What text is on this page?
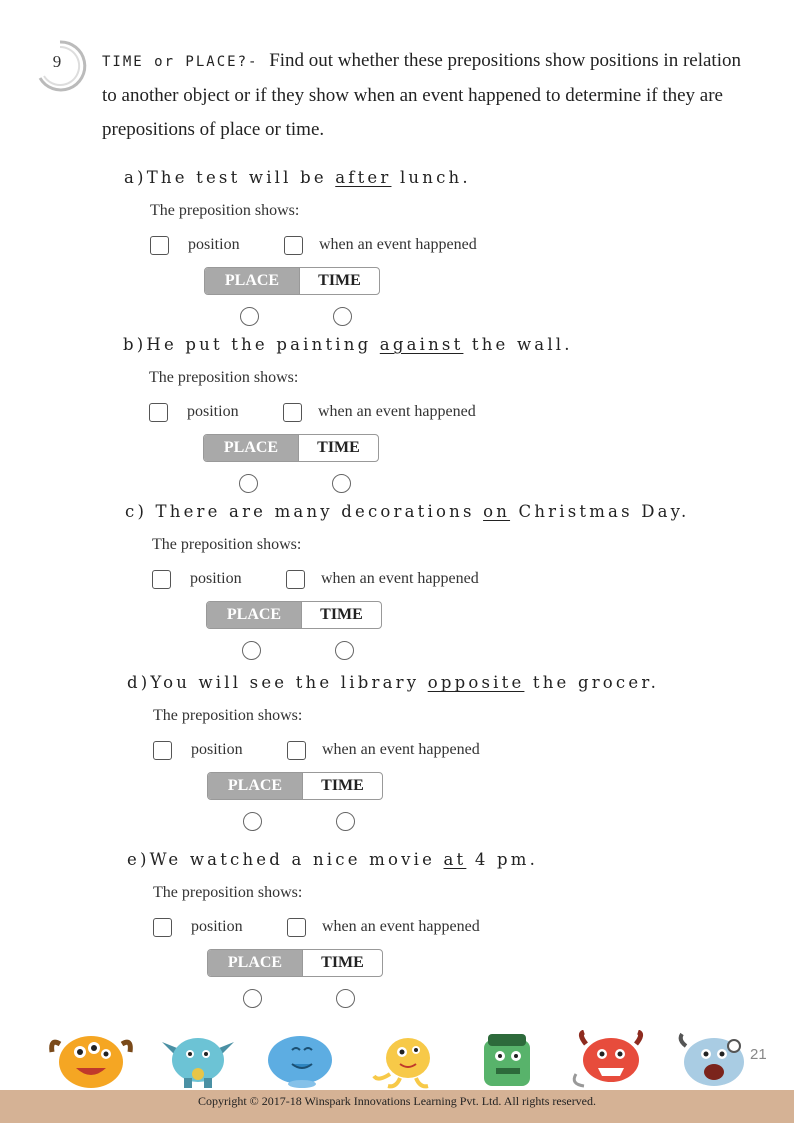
9	TIME or PLACE?- Find out whether these prepositions show positions in relation to another object or if they show when an event happened to determine if they are prepositions of place or time.
a)The test will be after lunch.
The preposition shows:
position	when an event happened
PLACE	TIME
b)He put the painting against the wall.
The preposition shows:
position	when an event happened
PLACE	TIME
c) There are many decorations on Christmas Day.
The preposition shows:
position	when an event happened
PLACE	TIME
d)You will see the library opposite the grocer.
The preposition shows:
position	when an event happened
PLACE	TIME
e)We watched a nice movie at 4 pm.
The preposition shows:
position	when an event happened
PLACE	TIME
21
Copyright © 2017-18 Winspark Innovations Learning Pvt. Ltd. All rights reserved.
